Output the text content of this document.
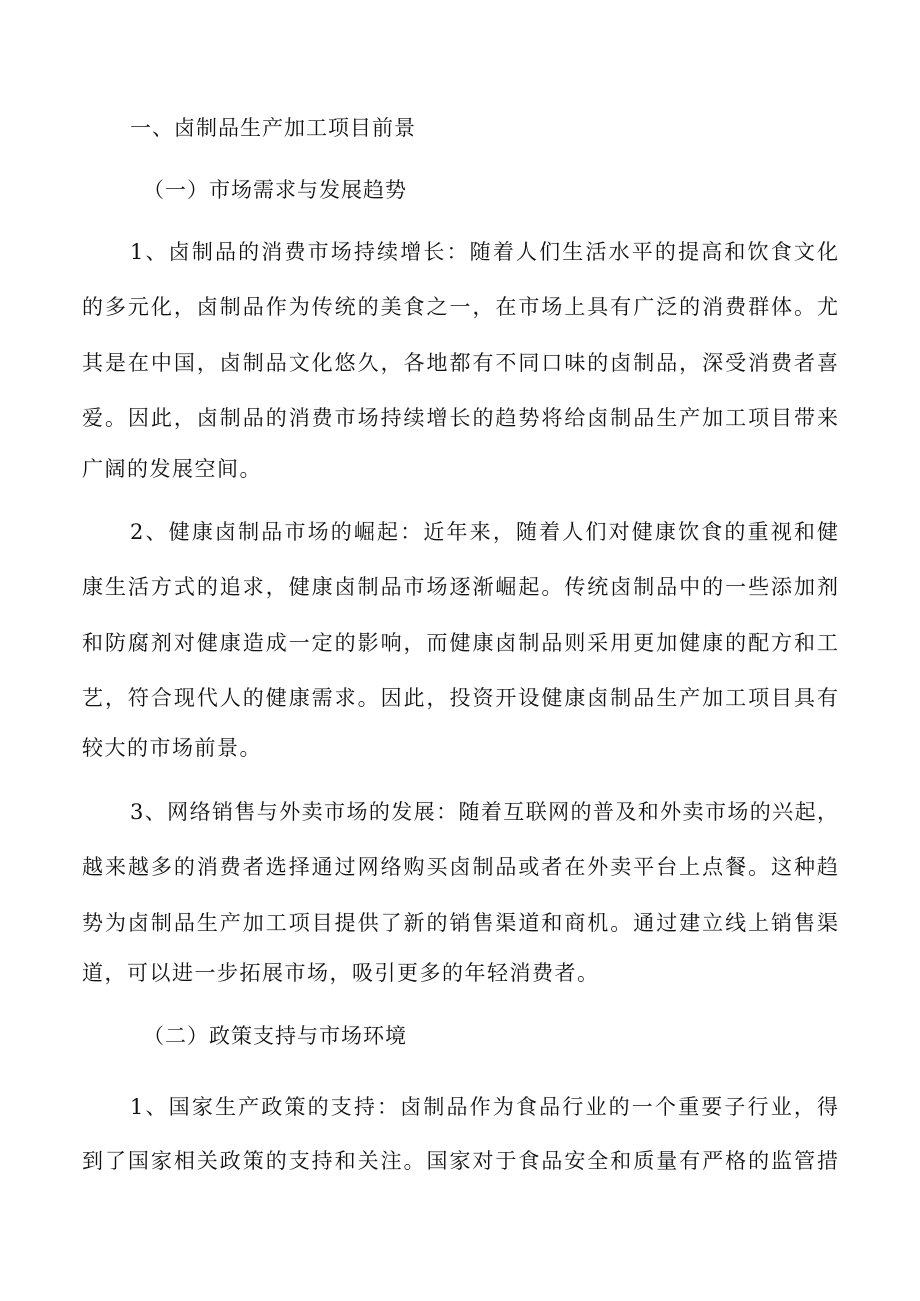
一、卤制品生产加工项目前景
（一）市场需求与发展趋势
1、卤制品的消费市场持续增长：随着人们生活水平的提高和饮食文化
的多元化，卤制品作为传统的美食之一，在市场上具有广泛的消费群体。尤
其是在中国，卤制品文化悠久，各地都有不同口味的卤制品，深受消费者喜
爱。因此，卤制品的消费市场持续增长的趋势将给卤制品生产加工项目带来
广阔的发展空间。
2、健康卤制品市场的崛起：近年来，随着人们对健康饮食的重视和健
康生活方式的追求，健康卤制品市场逐渐崛起。传统卤制品中的一些添加剂
和防腐剂对健康造成一定的影响，而健康卤制品则采用更加健康的配方和工
艺，符合现代人的健康需求。因此，投资开设健康卤制品生产加工项目具有
较大的市场前景。
3、网络销售与外卖市场的发展：随着互联网的普及和外卖市场的兴起，
越来越多的消费者选择通过网络购买卤制品或者在外卖平台上点餐。这种趋
势为卤制品生产加工项目提供了新的销售渠道和商机。通过建立线上销售渠
道，可以进一步拓展市场，吸引更多的年轻消费者。
（二）政策支持与市场环境
1、国家生产政策的支持：卤制品作为食品行业的一个重要子行业，得
到了国家相关政策的支持和关注。国家对于食品安全和质量有严格的监管措
